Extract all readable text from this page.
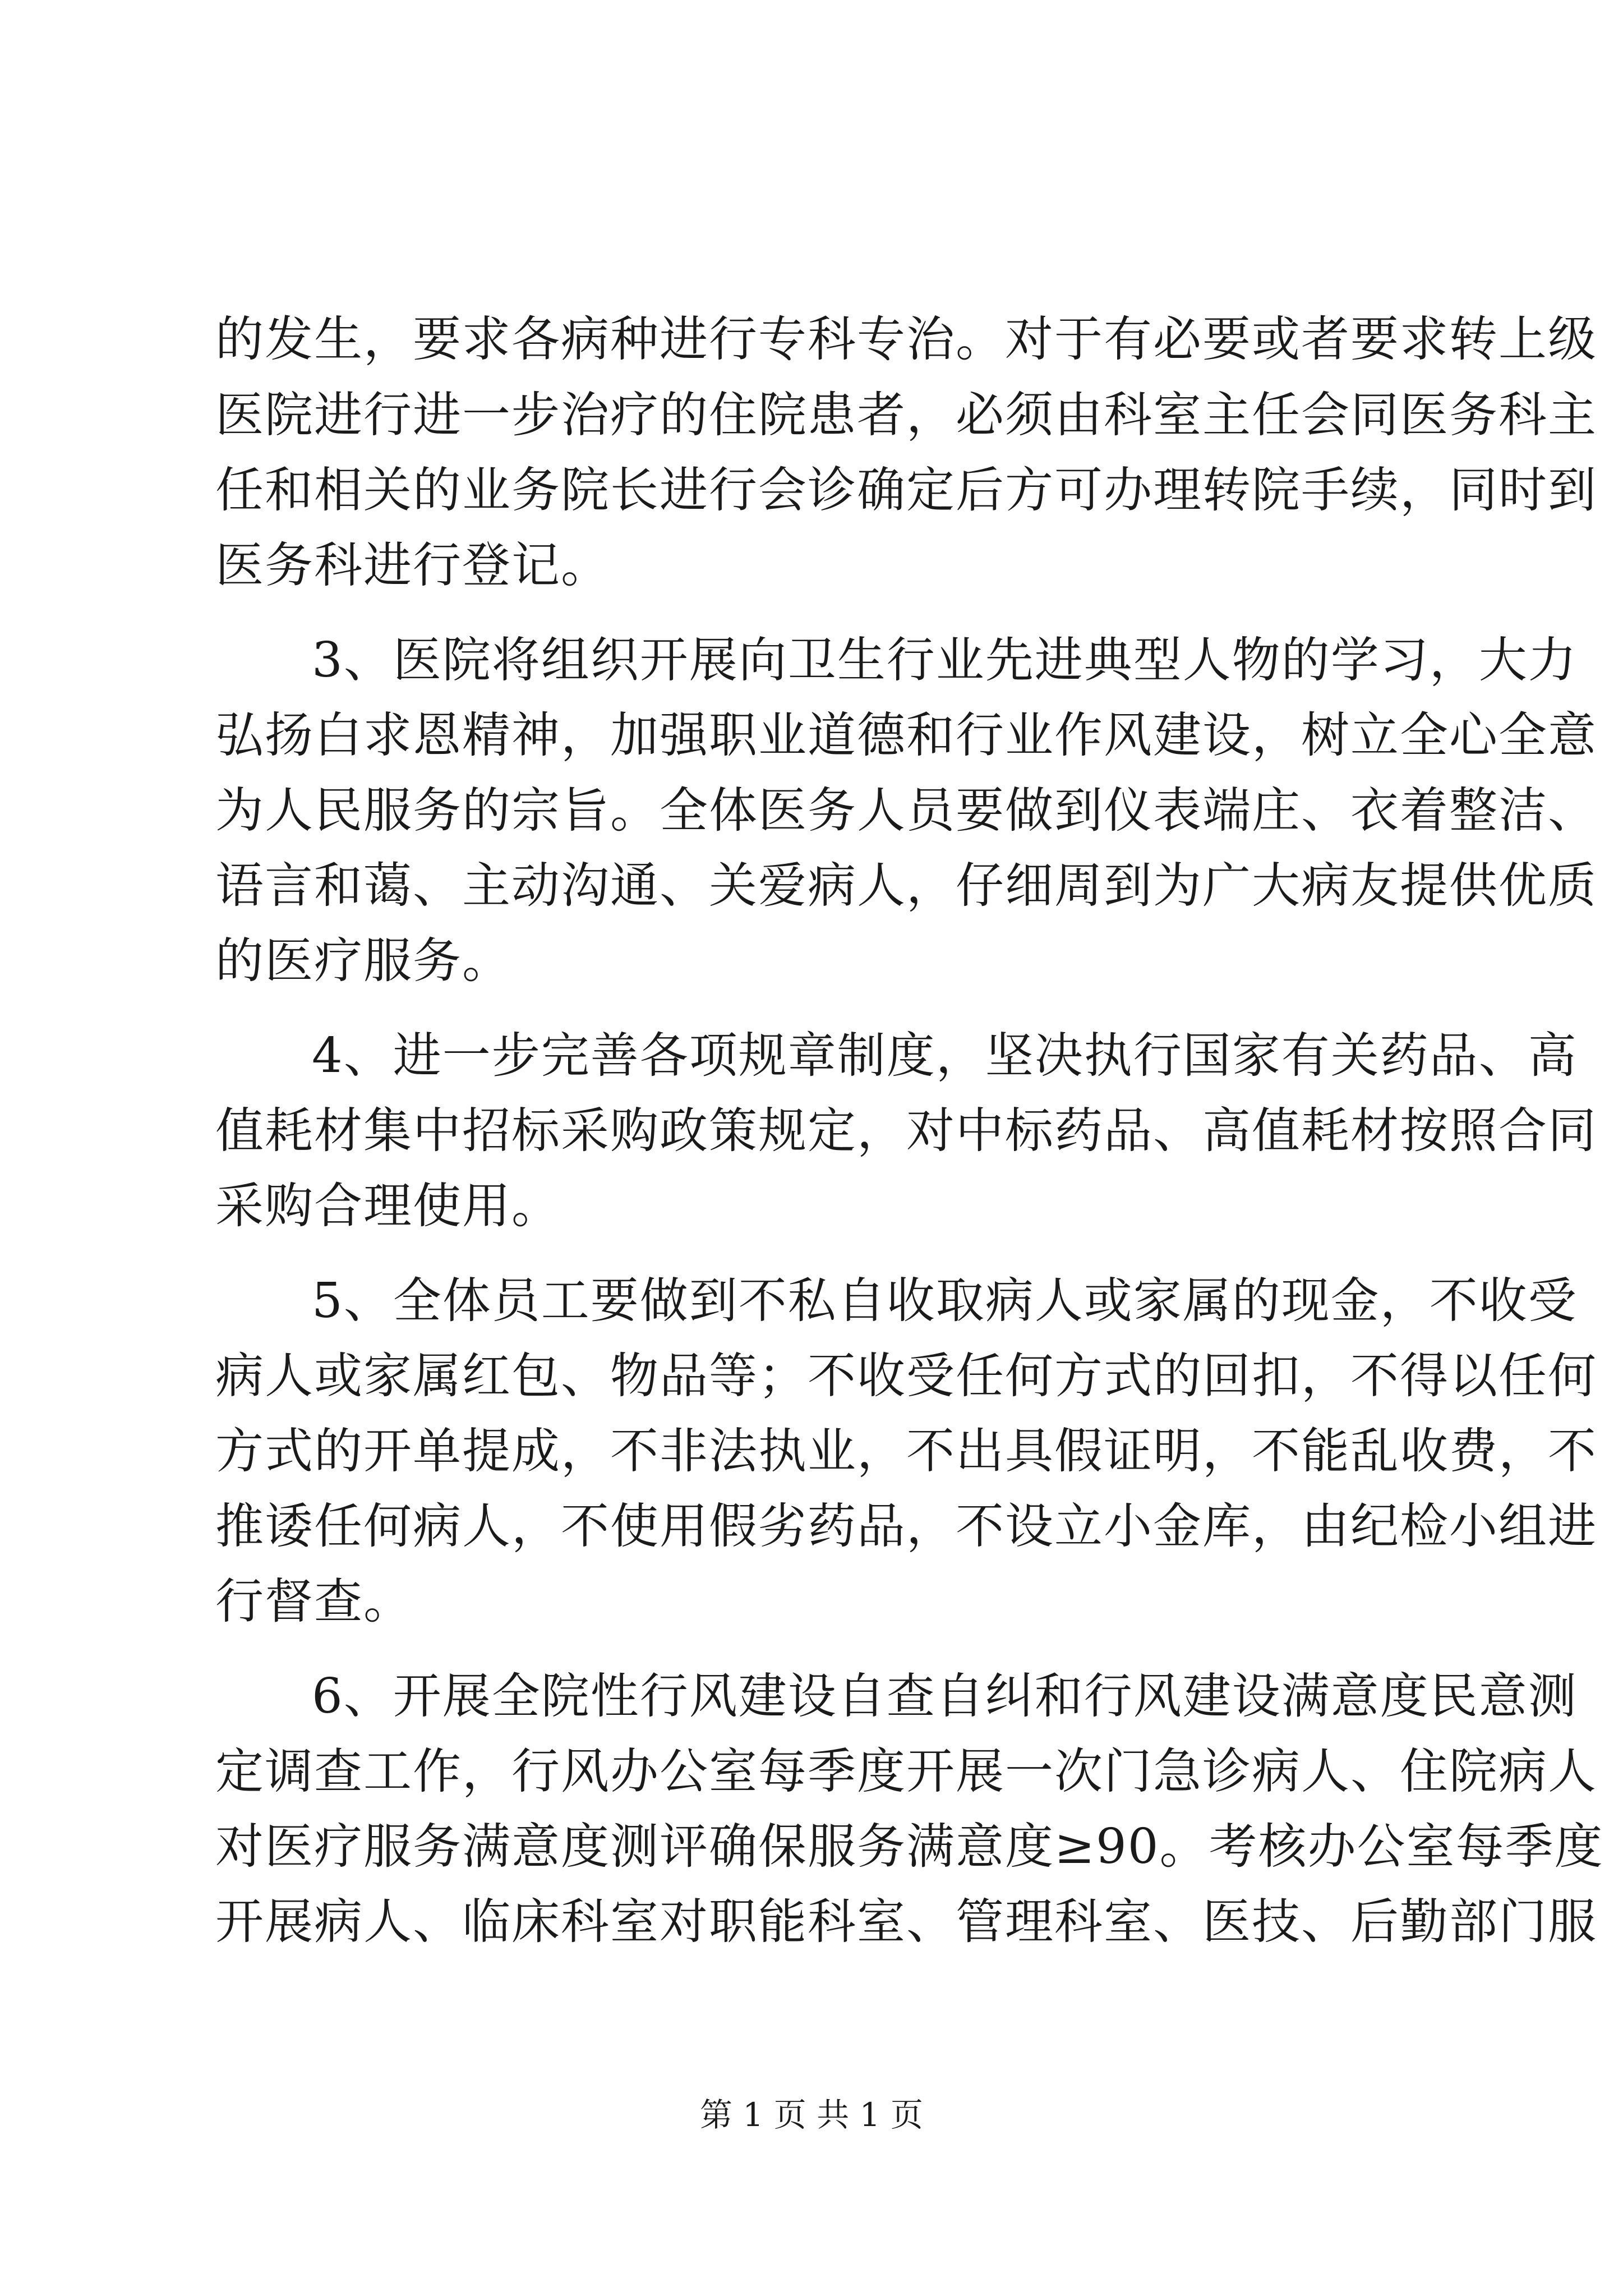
的发生，要求各病种进行专科专治。对于有必要或者要求转上级
医院进行进一步治疗的住院患者，必须由科室主任会同医务科主
任和相关的业务院长进行会诊确定后方可办理转院手续，同时到
医务科进行登记。
3、医院将组织开展向卫生行业先进典型人物的学习，大力
弘扬白求恩精神，加强职业道德和行业作风建设，树立全心全意
为人民服务的宗旨。全体医务人员要做到仪表端庄、衣着整洁、
语言和蔼、主动沟通、关爱病人，仔细周到为广大病友提供优质
的医疗服务。
4、进一步完善各项规章制度，坚决执行国家有关药品、高
值耗材集中招标采购政策规定，对中标药品、高值耗材按照合同
采购合理使用。
5、全体员工要做到不私自收取病人或家属的现金，不收受
病人或家属红包、物品等；不收受任何方式的回扣，不得以任何
方式的开单提成，不非法执业，不出具假证明，不能乱收费，不
推诿任何病人，不使用假劣药品，不设立小金库，由纪检小组进
行督查。
6、开展全院性行风建设自查自纠和行风建设满意度民意测
定调查工作，行风办公室每季度开展一次门急诊病人、住院病人
对医疗服务满意度测评确保服务满意度≥90。考核办公室每季度
开展病人、临床科室对职能科室、管理科室、医技、后勤部门服
第 1 页 共 1 页
